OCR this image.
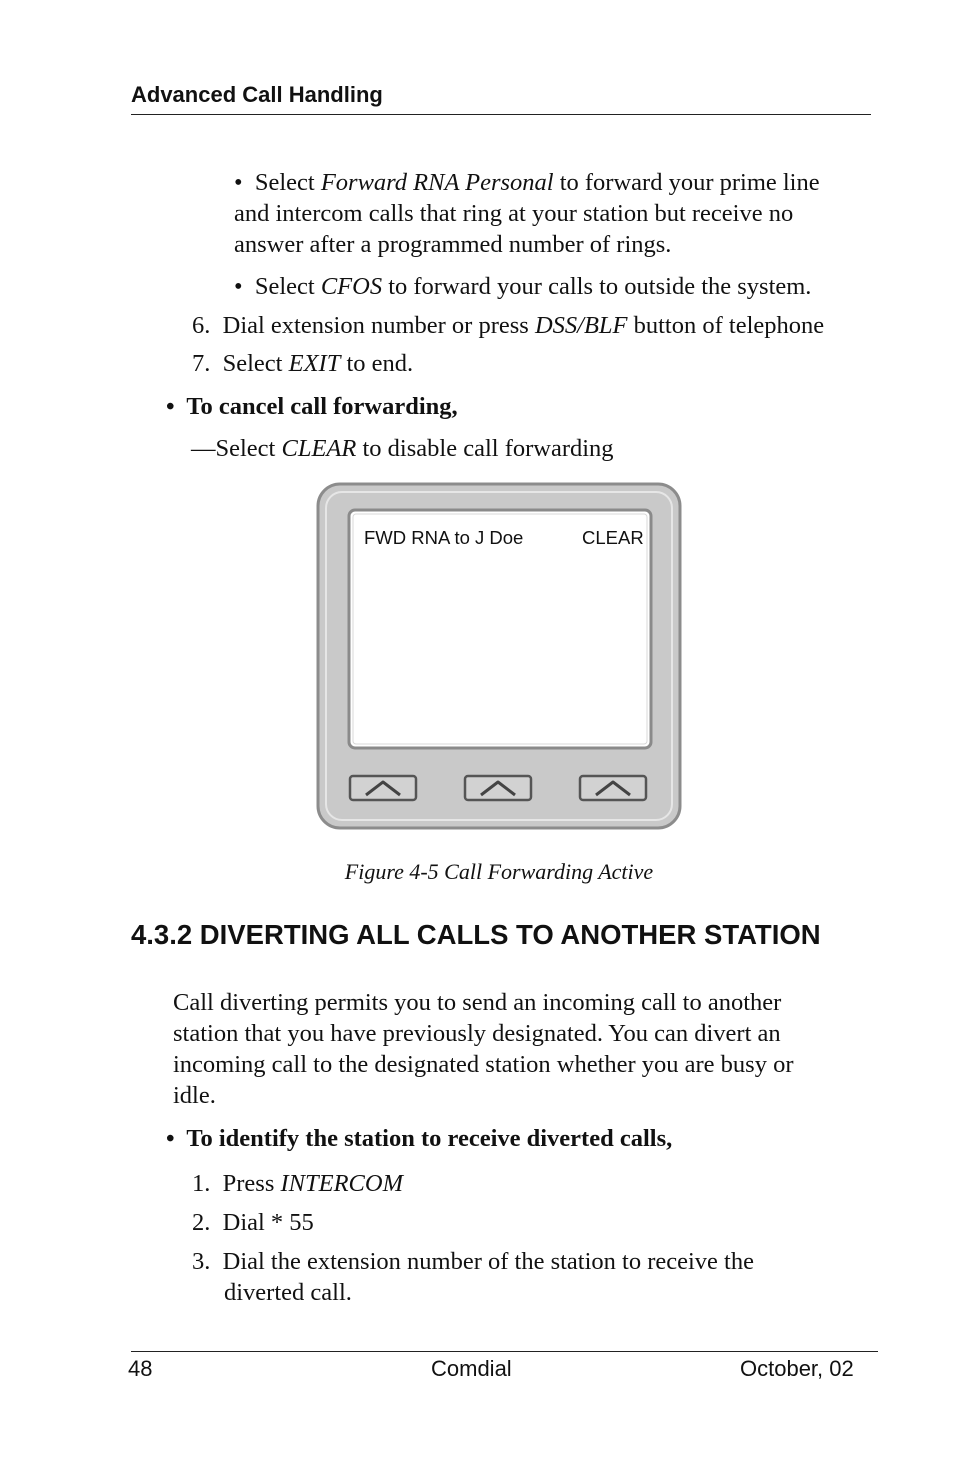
Advanced Call Handling
• Select Forward RNA Personal to forward your prime line
and intercom calls that ring at your station but receive no
answer after a programmed number of rings.
• Select CFOS to forward your calls to outside the system.
6. Dial extension number or press DSS/BLF button of telephone
7. Select EXIT to end.
• To cancel call forwarding,
—Select CLEAR to disable call forwarding
FWD RNA to J Doe	CLEAR
Figure 4-5 Call Forwarding Active
4.3.2 DIVERTING ALL CALLS TO ANOTHER STATION
Call diverting permits you to send an incoming call to another
station that you have previously designated. You can divert an
incoming call to the designated station whether you are busy or
idle.
• To identify the station to receive diverted calls,
1. Press INTERCOM
2. Dial * 55
3. Dial the extension number of the station to receive the
diverted call.
48	Comdial	October, 02
